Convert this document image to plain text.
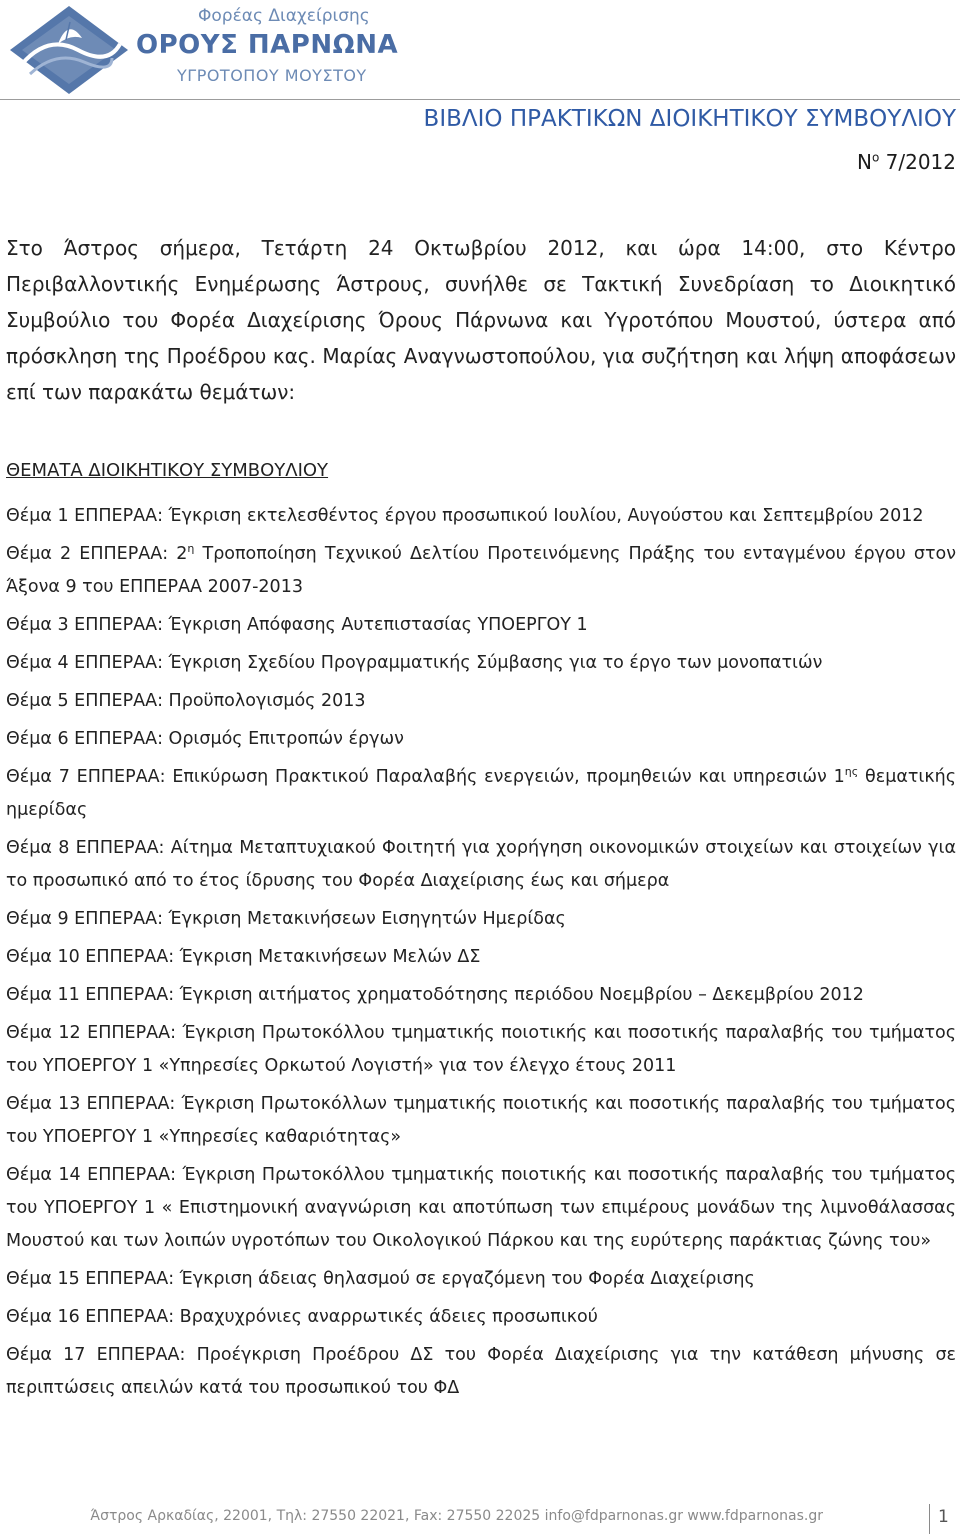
Φορέας Διαχείρισης
ΟΡΟΥΣ ΠΑΡΝΩΝΑ
ΥΓΡΟΤΟΠΟΥ ΜΟΥΣΤΟΥ
ΒΙΒΛΙΟ ΠΡΑΚΤΙΚΩΝ ΔΙΟΙΚΗΤΙΚΟΥ ΣΥΜΒΟΥΛΙΟΥ
$N^o$ 7/2012
Στο Άστρος σήμερα, Τετάρτη 24 Οκτωβρίου 2012, και ώρα 14:00, στο Κέντρο Περιβαλλοντικής Ενημέρωσης Άστρους, συνήλθε σε Τακτική Συνεδρίαση το Διοικητικό Συμβούλιο του Φορέα Διαχείρισης Όρους Πάρνωνα και Υγροτόπου Μουστού, ύστερα από πρόσκληση της Προέδρου κας. Μαρίας Αναγνωστοπούλου, για συζήτηση και λήψη αποφάσεων επί των παρακάτω θεμάτων:
ΘΕΜΑΤΑ ΔΙΟΙΚΗΤΙΚΟΥ ΣΥΜΒΟΥΛΙΟΥ
Θέμα 1 ΕΠΠΕΡΑΑ: Έγκριση εκτελεσθέντος έργου προσωπικού Ιουλίου, Αυγούστου και Σεπτεμβρίου 2012
Θέμα 2 ΕΠΠΕΡΑΑ: $2^\eta$ Τροποποίηση Τεχνικού Δελτίου Προτεινόμενης Πράξης του ενταγμένου έργου στον Άξονα 9 του ΕΠΠΕΡΑΑ 2007-2013
Θέμα 3 ΕΠΠΕΡΑΑ: Έγκριση Απόφασης Αυτεπιστασίας ΥΠΟΕΡΓΟΥ 1
Θέμα 4 ΕΠΠΕΡΑΑ: Έγκριση Σχεδίου Προγραμματικής Σύμβασης για το έργο των μονοπατιών
Θέμα 5 ΕΠΠΕΡΑΑ: Προϋπολογισμός 2013
Θέμα 6 ΕΠΠΕΡΑΑ: Ορισμός Επιτροπών έργων
Θέμα 7 ΕΠΠΕΡΑΑ: Επικύρωση Πρακτικού Παραλαβής ενεργειών, προμηθειών και υπηρεσιών $1^{\eta\varsigma}$ θεματικής ημερίδας
Θέμα 8 ΕΠΠΕΡΑΑ: Αίτημα Μεταπτυχιακού Φοιτητή για χορήγηση οικονομικών στοιχείων και στοιχείων για το προσωπικό από το έτος ίδρυσης του Φορέα Διαχείρισης έως και σήμερα
Θέμα 9 ΕΠΠΕΡΑΑ: Έγκριση Μετακινήσεων Εισηγητών Ημερίδας
Θέμα 10 ΕΠΠΕΡΑΑ: Έγκριση Μετακινήσεων Μελών ΔΣ
Θέμα 11 ΕΠΠΕΡΑΑ: Έγκριση αιτήματος χρηματοδότησης περιόδου Νοεμβρίου – Δεκεμβρίου 2012
Θέμα 12 ΕΠΠΕΡΑΑ: Έγκριση Πρωτοκόλλου τμηματικής ποιοτικής και ποσοτικής παραλαβής του τμήματος του ΥΠΟΕΡΓΟΥ 1 «Υπηρεσίες Ορκωτού Λογιστή» για τον έλεγχο έτους 2011
Θέμα 13 ΕΠΠΕΡΑΑ: Έγκριση Πρωτοκόλλων τμηματικής ποιοτικής και ποσοτικής παραλαβής του τμήματος του ΥΠΟΕΡΓΟΥ 1 «Υπηρεσίες καθαριότητας»
Θέμα 14 ΕΠΠΕΡΑΑ: Έγκριση Πρωτοκόλλου τμηματικής ποιοτικής και ποσοτικής παραλαβής του τμήματος του ΥΠΟΕΡΓΟΥ 1 « Επιστημονική αναγνώριση και αποτύπωση των επιμέρους μονάδων της λιμνοθάλασσας Μουστού και των λοιπών υγροτόπων του Οικολογικού Πάρκου και της ευρύτερης παράκτιας ζώνης του»
Θέμα 15 ΕΠΠΕΡΑΑ: Έγκριση άδειας θηλασμού σε εργαζόμενη του Φορέα Διαχείρισης
Θέμα 16 ΕΠΠΕΡΑΑ: Βραχυχρόνιες αναρρωτικές άδειες προσωπικού
Θέμα 17 ΕΠΠΕΡΑΑ: Προέγκριση Προέδρου ΔΣ του Φορέα Διαχείρισης για την κατάθεση μήνυσης σε περιπτώσεις απειλών κατά του προσωπικού του ΦΔ
Άστρος Αρκαδίας, 22001, Τηλ: 27550 22021, Fax: 27550 22025 info@fdparnonas.gr www.fdparnonas.gr	1
